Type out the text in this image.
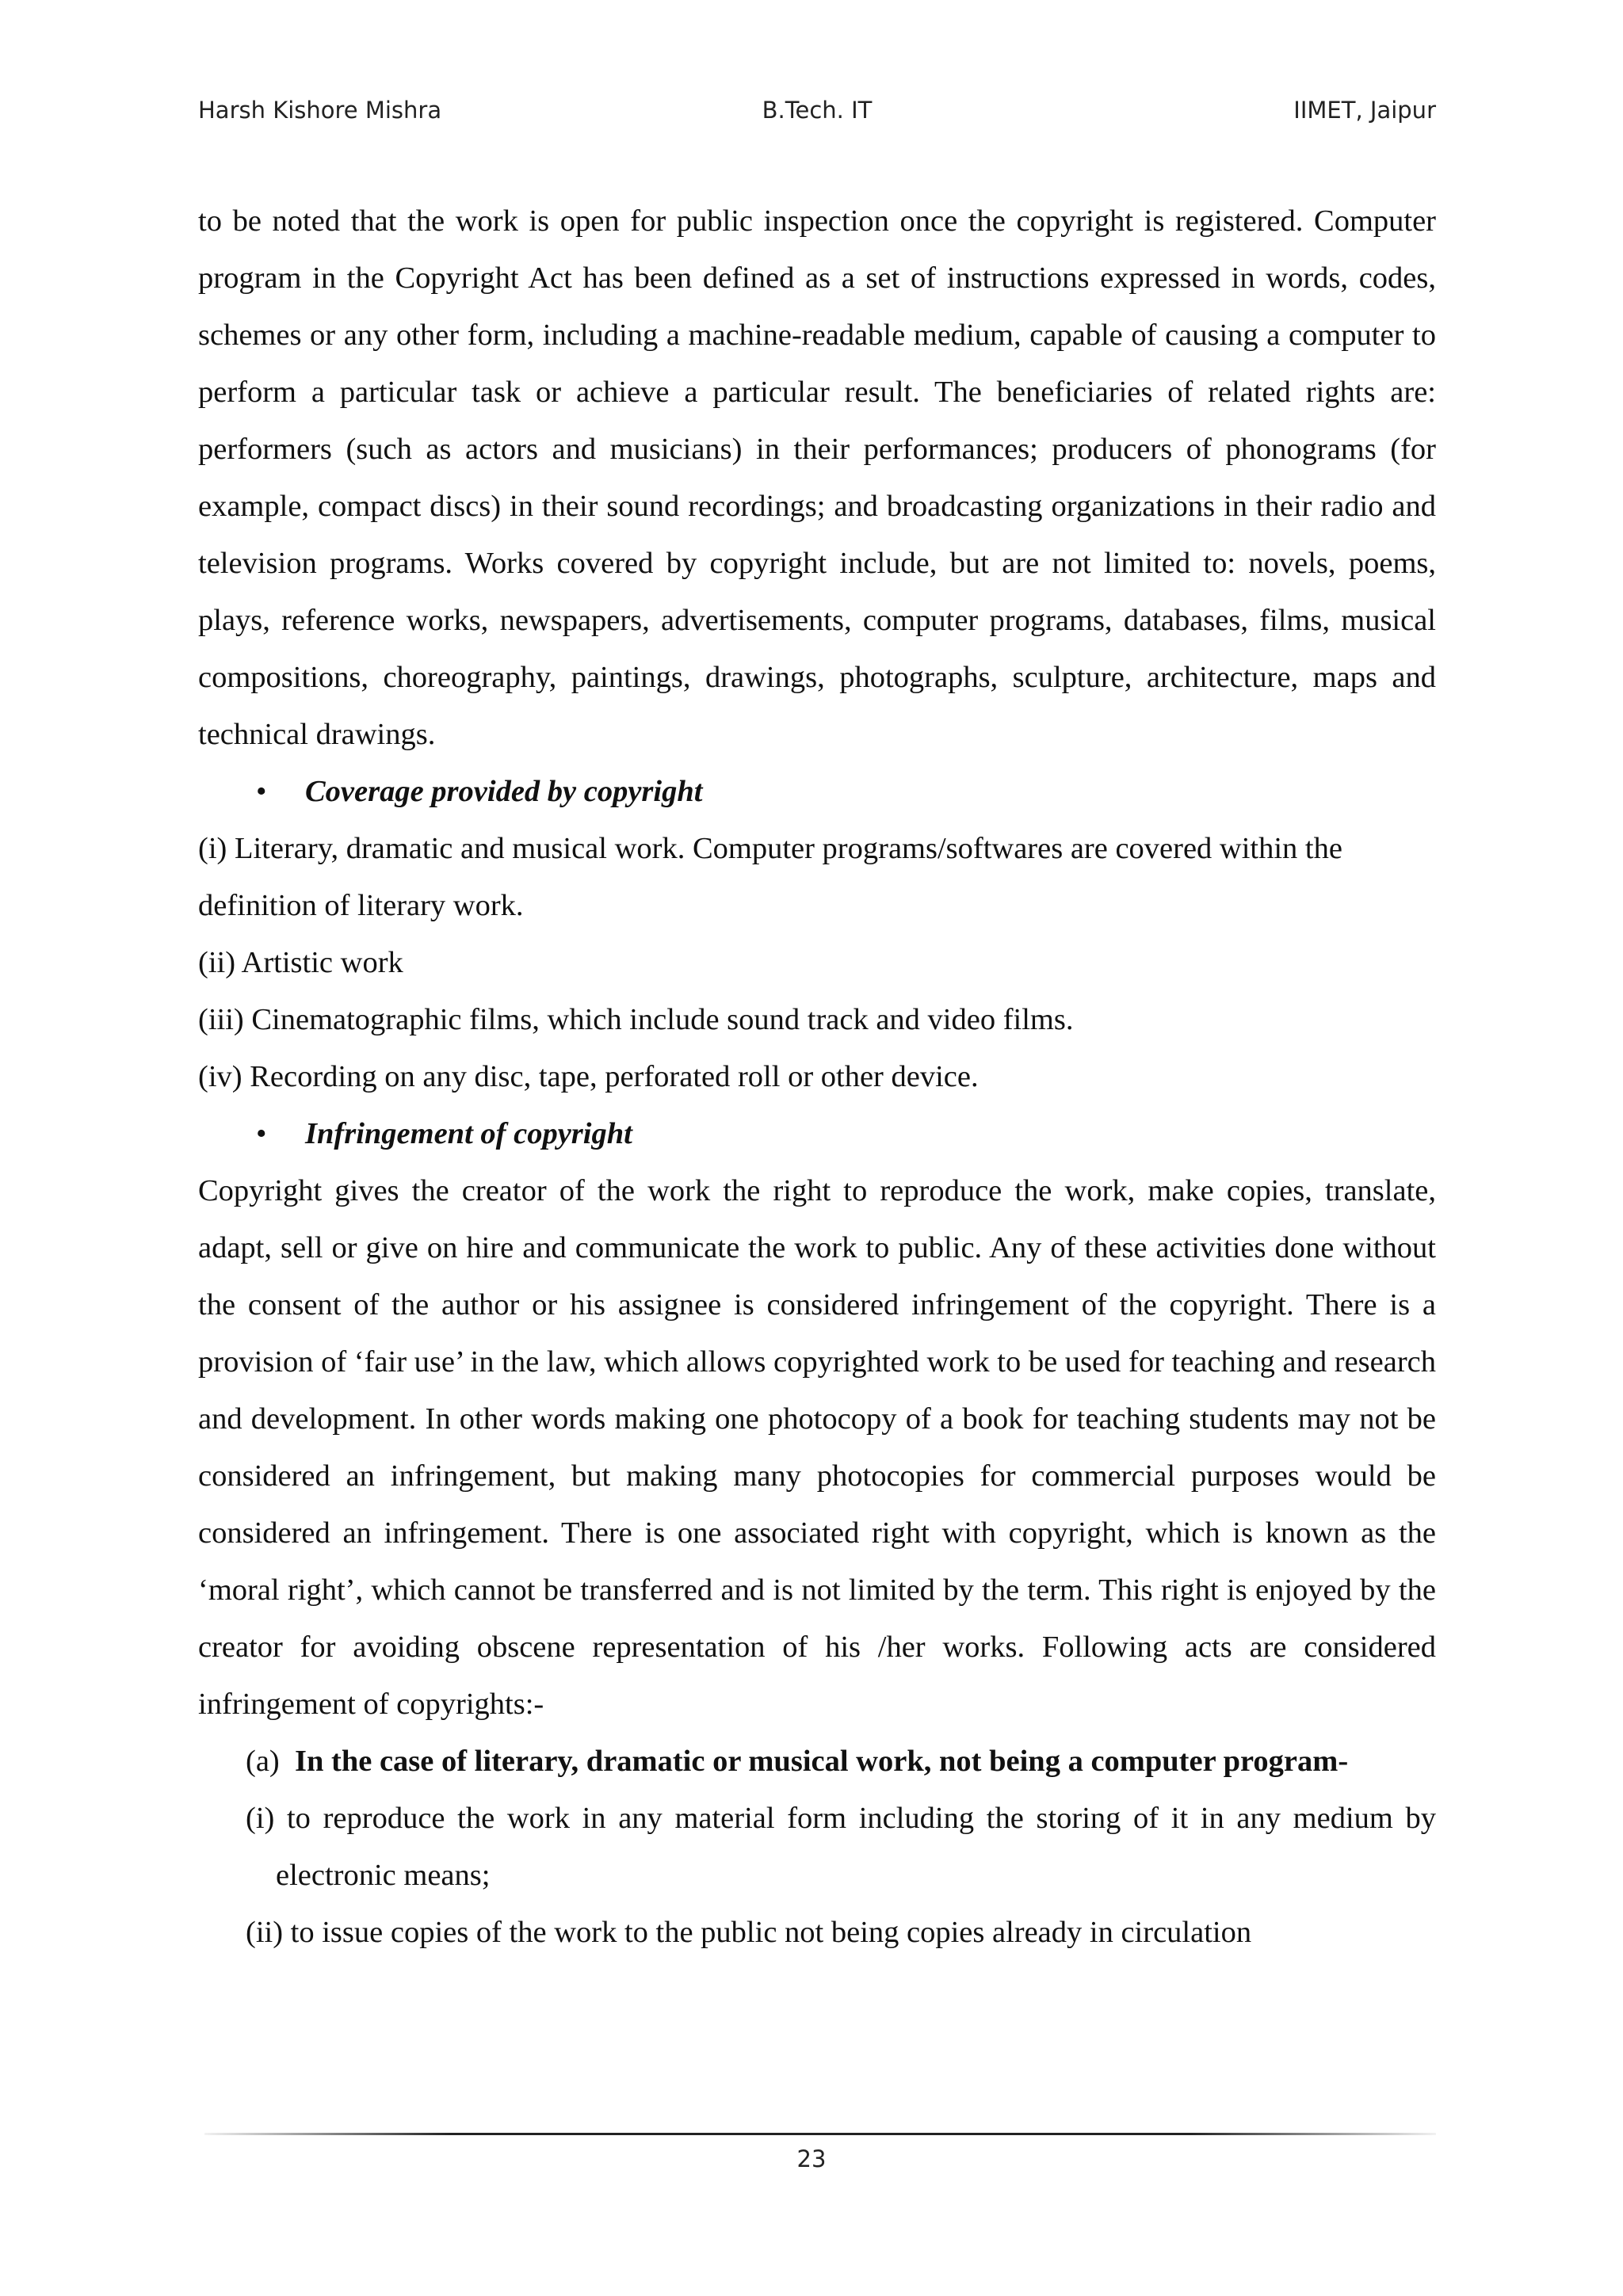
Harsh Kishore Mishra	B.Tech. IT	IIMET, Jaipur

to be noted that the work is open for public inspection once the copyright is registered. Computer program in the Copyright Act has been defined as a set of instructions expressed in words, codes, schemes or any other form, including a machine-readable medium, capable of causing a computer to perform a particular task or achieve a particular result. The beneficiaries of related rights are: performers (such as actors and musicians) in their performances; producers of phonograms (for example, compact discs) in their sound recordings; and broadcasting organizations in their radio and television programs. Works covered by copyright include, but are not limited to: novels, poems, plays, reference works, newspapers, advertisements, computer programs, databases, films, musical compositions, choreography, paintings, drawings, photographs, sculpture, architecture, maps and technical drawings.

• Coverage provided by copyright

(i) Literary, dramatic and musical work. Computer programs/softwares are covered within the definition of literary work.

(ii) Artistic work

(iii) Cinematographic films, which include sound track and video films.

(iv) Recording on any disc, tape, perforated roll or other device.

• Infringement of copyright

Copyright gives the creator of the work the right to reproduce the work, make copies, translate, adapt, sell or give on hire and communicate the work to public. Any of these activities done without the consent of the author or his assignee is considered infringement of the copyright. There is a provision of ‘fair use’ in the law, which allows copyrighted work to be used for teaching and research and development. In other words making one photocopy of a book for teaching students may not be considered an infringement, but making many photocopies for commercial purposes would be considered an infringement. There is one associated right with copyright, which is known as the ‘moral right’, which cannot be transferred and is not limited by the term. This right is enjoyed by the creator for avoiding obscene representation of his /her works. Following acts are considered infringement of copyrights:-

(a) In the case of literary, dramatic or musical work, not being a computer program-

(i) to reproduce the work in any material form including the storing of it in any medium by electronic means;

(ii) to issue copies of the work to the public not being copies already in circulation

23
